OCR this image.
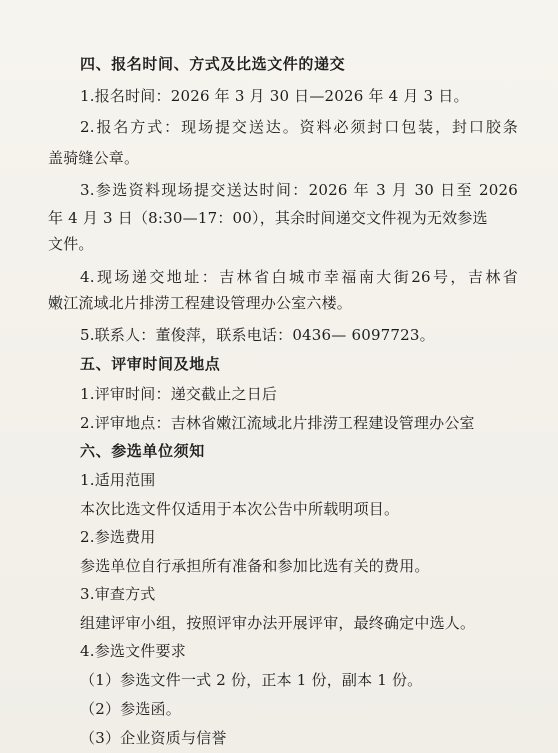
四、报名时间、方式及比选文件的递交
1.报名时间：2026 年 3 月 30 日—2026 年 4 月 3 日。
2.报名方式：现场提交送达。资料必须封口包装，封口胶条
盖骑缝公章。
3.参选资料现场提交送达时间：2026 年 3 月 30 日至 2026
年 4 月 3 日（8:30—17：00），其余时间递交文件视为无效参选
文件。
4.现场递交地址：吉林省白城市幸福南大街26号，吉林省
嫩江流域北片排涝工程建设管理办公室六楼。
5.联系人：董俊萍，联系电话：0436— 6097723。
五、评审时间及地点
1.评审时间：递交截止之日后
2.评审地点：吉林省嫩江流域北片排涝工程建设管理办公室
六、参选单位须知
1.适用范围
本次比选文件仅适用于本次公告中所载明项目。
2.参选费用
参选单位自行承担所有准备和参加比选有关的费用。
3.审查方式
组建评审小组，按照评审办法开展评审，最终确定中选人。
4.参选文件要求
（1）参选文件一式 2 份，正本 1 份，副本 1 份。
（2）参选函。
（3）企业资质与信誉
